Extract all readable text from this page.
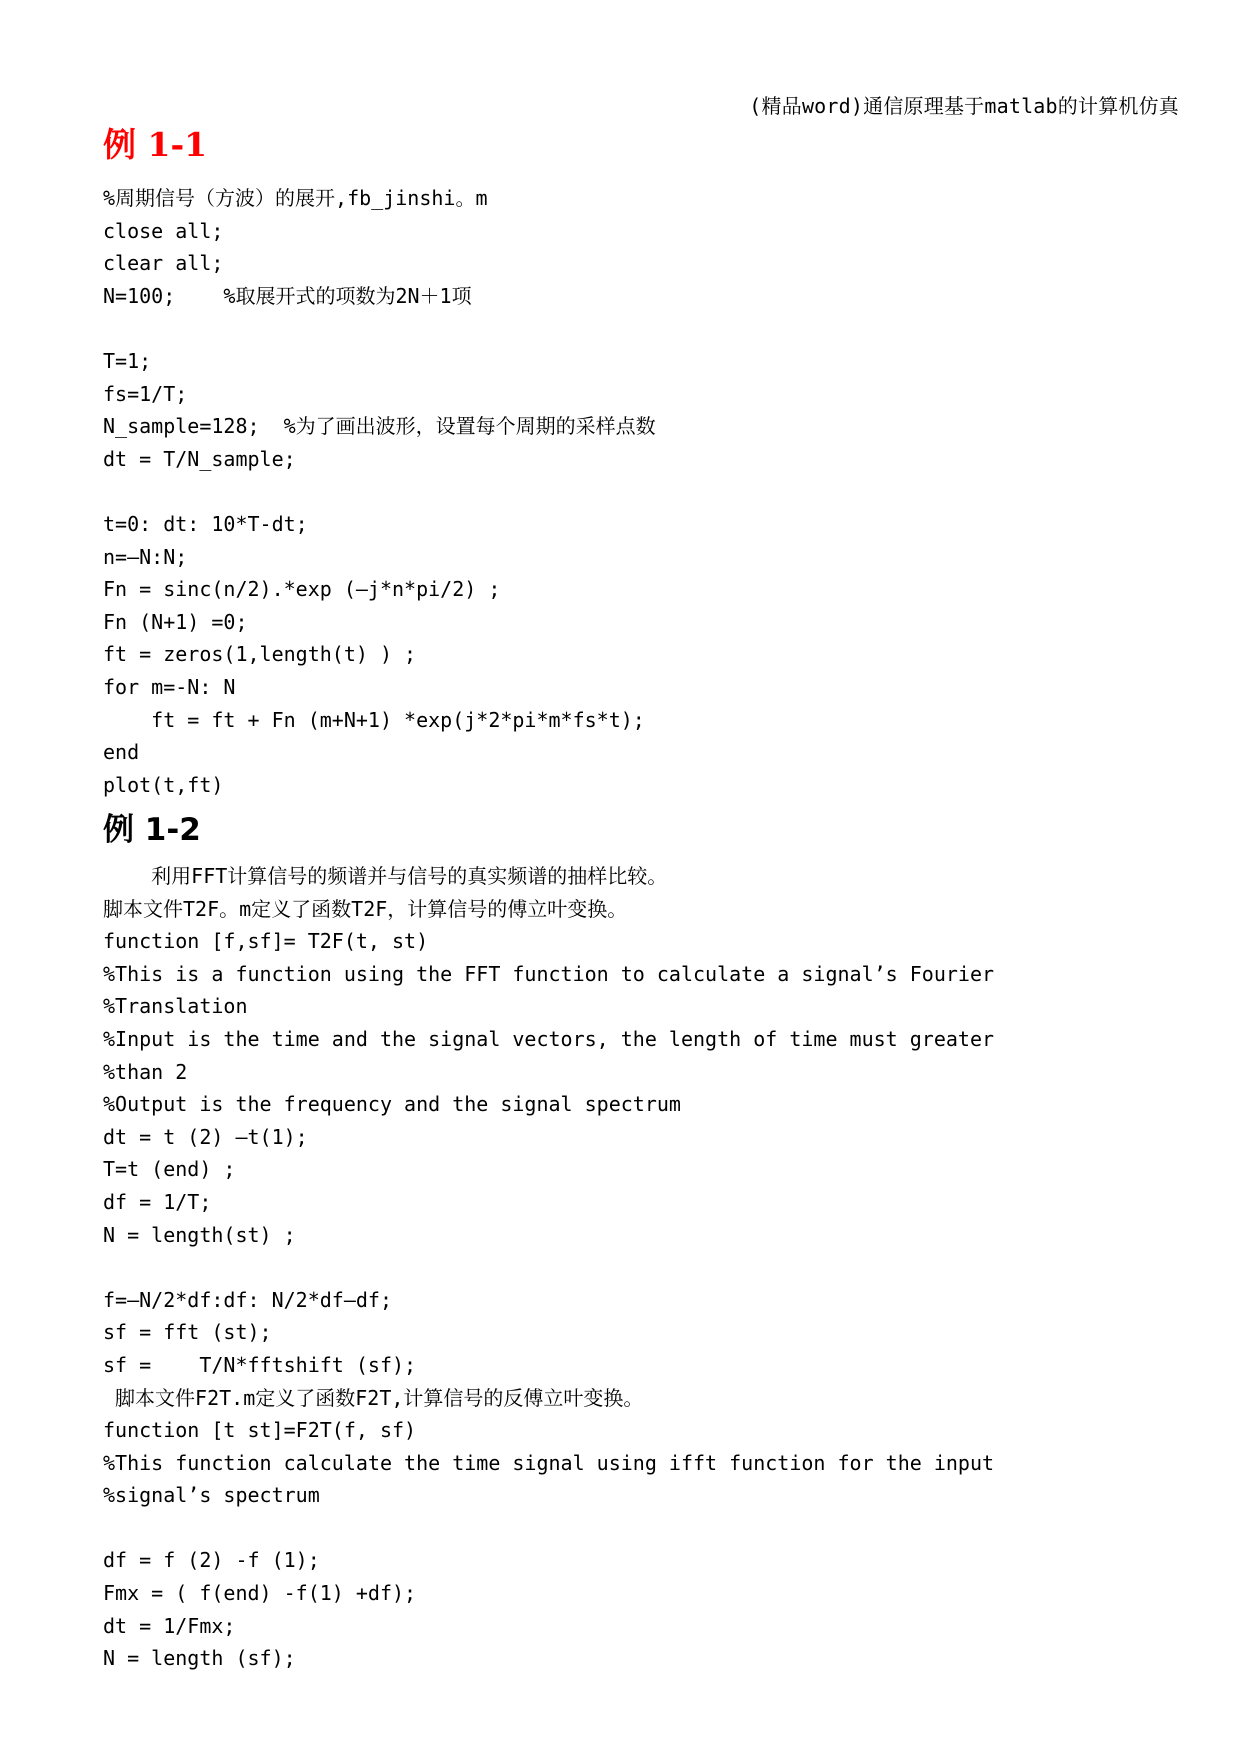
(精品word)通信原理基于matlab的计算机仿真
例 1-1
%周期信号（方波）的展开,fb_jinshi。m
close all;
clear all;
N=100;    %取展开式的项数为2N＋1项
T=1;
fs=1/T;
N_sample=128;  %为了画出波形，设置每个周期的采样点数
dt = T/N_sample;
t=0: dt: 10*T-dt;
n=—N:N;
Fn = sinc(n/2).*exp (—j*n*pi/2) ;
Fn (N+1) =0;
ft = zeros(1,length(t) ) ;
for m=-N: N
ft = ft + Fn (m+N+1) *exp(j*2*pi*m*fs*t);
end
plot(t,ft)
例 1-2
利用FFT计算信号的频谱并与信号的真实频谱的抽样比较。
脚本文件T2F。m定义了函数T2F，计算信号的傅立叶变换。
function [f,sf]= T2F(t, st)
%This is a function using the FFT function to calculate a signal’s Fourier
%Translation
%Input is the time and the signal vectors, the length of time must greater
%than 2
%Output is the frequency and the signal spectrum
dt = t (2) —t(1);
T=t (end) ;
df = 1/T;
N = length(st) ;
f=—N/2*df:df: N/2*df—df;
sf = fft (st);
sf =    T/N*fftshift (sf);
脚本文件F2T.m定义了函数F2T,计算信号的反傅立叶变换。
function [t st]=F2T(f, sf)
%This function calculate the time signal using ifft function for the input
%signal’s spectrum
df = f (2) -f (1);
Fmx = ( f(end) -f(1) +df);
dt = 1/Fmx;
N = length (sf);
